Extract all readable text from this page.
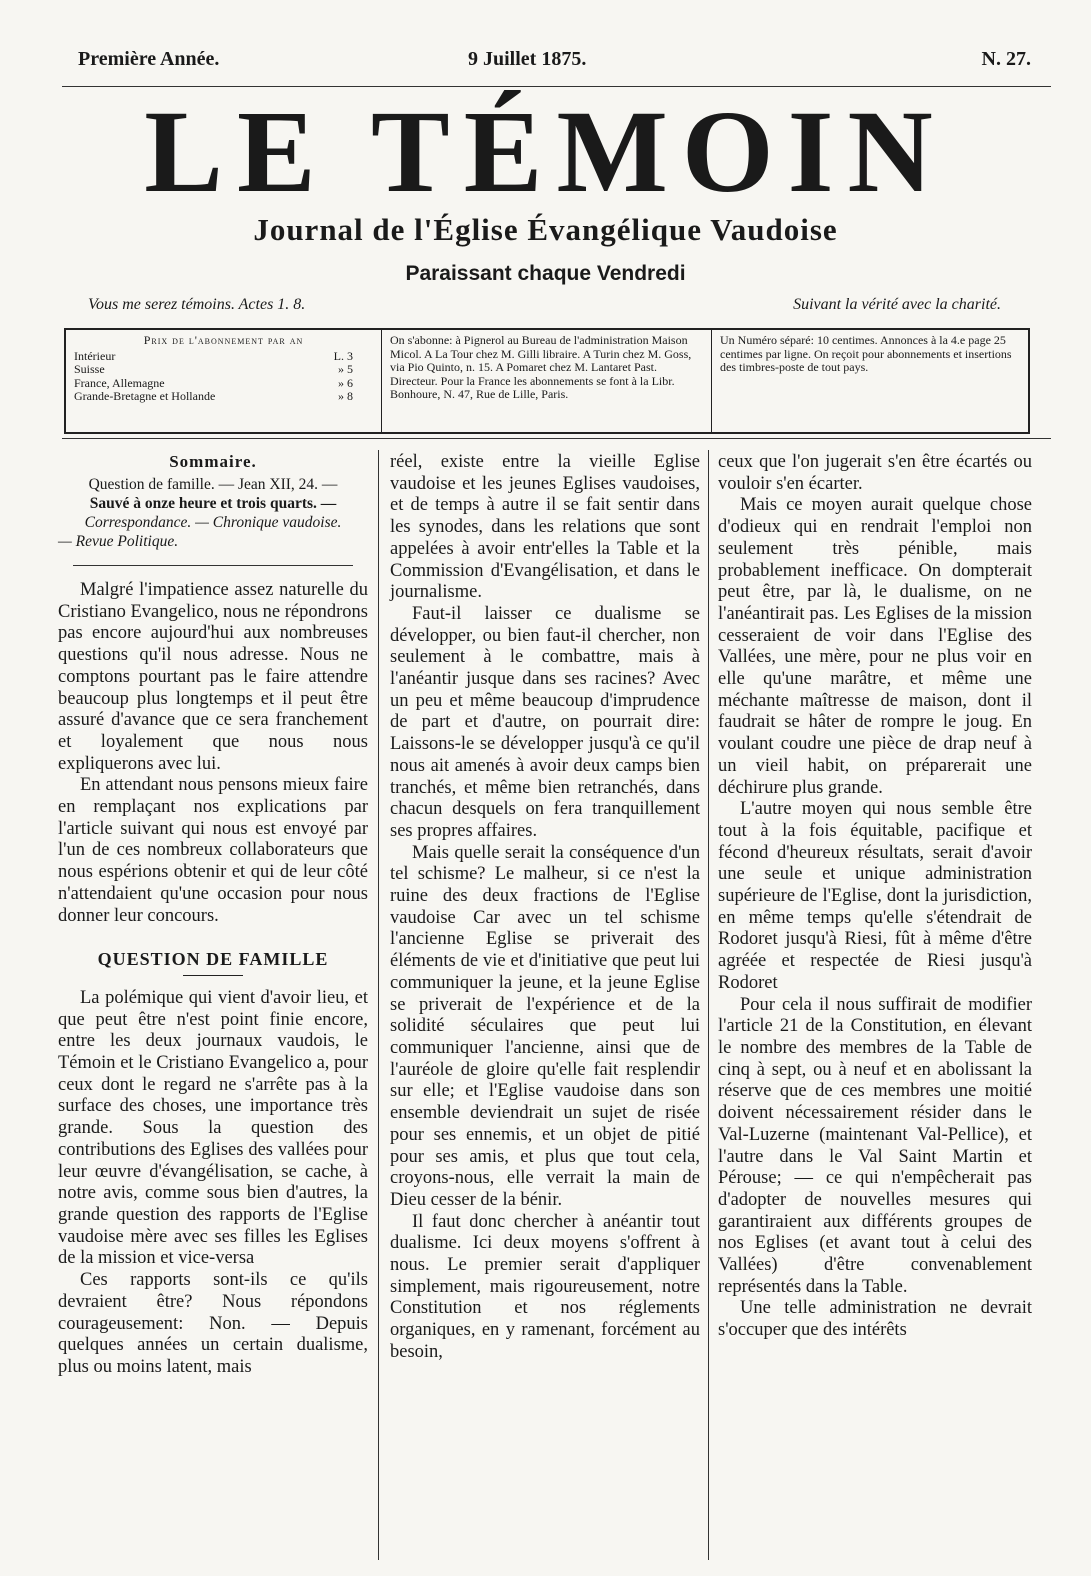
Première Année.	9 Juillet 1875.	N. 27.
LE TÉMOIN
Journal de l'Église Évangélique Vaudoise
Paraissant chaque Vendredi
Vous me serez témoins. Actes 1. 8.	Suivant la vérité avec la charité.
Prix de l'abonnement par an
Intérieur	L. 3
Suisse	» 5
France, Allemagne	» 6
Grande-Bretagne et Hollande	» 8
On s'abonne: à Pignerol au Bureau de l'administration Maison Micol. A La Tour chez M. Gilli libraire. A Turin chez M. Goss, via Pio Quinto, n. 15. A Pomaret chez M. Lantaret Past. Directeur. Pour la France les abonnements se font à la Libr. Bonhoure, N. 47, Rue de Lille, Paris.
Un Numéro séparé: 10 centimes. Annonces à la 4.e page 25 centimes par ligne. On reçoit pour abonnements et insertions des timbres-poste de tout pays.
Sommaire.
Question de famille. — Jean XII, 24. —
Sauvé à onze heure et trois quarts. —
Correspondance. — Chronique vaudoise.
— Revue Politique.

Malgré l'impatience assez naturelle du Cristiano Evangelico, nous ne répondrons pas encore aujourd'hui aux nombreuses questions qu'il nous adresse. Nous ne comptons pourtant pas le faire attendre beaucoup plus longtemps et il peut être assuré d'avance que ce sera franchement et loyalement que nous nous expliquerons avec lui.

En attendant nous pensons mieux faire en remplaçant nos explications par l'article suivant qui nous est envoyé par l'un de ces nombreux collaborateurs que nous espérions obtenir et qui de leur côté n'attendaient qu'une occasion pour nous donner leur concours.

QUESTION DE FAMILLE

La polémique qui vient d'avoir lieu, et que peut être n'est point finie encore, entre les deux journaux vaudois, le Témoin et le Cristiano Evangelico a, pour ceux dont le regard ne s'arrête pas à la surface des choses, une importance très grande. Sous la question des contributions des Eglises des vallées pour leur œuvre d'évangélisation, se cache, à notre avis, comme sous bien d'autres, la grande question des rapports de l'Eglise vaudoise mère avec ses filles les Eglises de la mission et vice-versa

Ces rapports sont-ils ce qu'ils devraient être? Nous répondons courageusement: Non. — Depuis quelques années un certain dualisme, plus ou moins latent, mais

réel, existe entre la vieille Eglise vaudoise et les jeunes Eglises vaudoises, et de temps à autre il se fait sentir dans les synodes, dans les relations que sont appelées à avoir entr'elles la Table et la Commission d'Evangélisation, et dans le journalisme.

Faut-il laisser ce dualisme se développer, ou bien faut-il chercher, non seulement à le combattre, mais à l'anéantir jusque dans ses racines? Avec un peu et même beaucoup d'imprudence de part et d'autre, on pourrait dire: Laissons-le se développer jusqu'à ce qu'il nous ait amenés à avoir deux camps bien tranchés, et même bien retranchés, dans chacun desquels on fera tranquillement ses propres affaires.

Mais quelle serait la conséquence d'un tel schisme? Le malheur, si ce n'est la ruine des deux fractions de l'Eglise vaudoise Car avec un tel schisme l'ancienne Eglise se priverait des éléments de vie et d'initiative que peut lui communiquer la jeune, et la jeune Eglise se priverait de l'expérience et de la solidité séculaires que peut lui communiquer l'ancienne, ainsi que de l'auréole de gloire qu'elle fait resplendir sur elle; et l'Eglise vaudoise dans son ensemble deviendrait un sujet de risée pour ses ennemis, et un objet de pitié pour ses amis, et plus que tout cela, croyons-nous, elle verrait la main de Dieu cesser de la bénir.

Il faut donc chercher à anéantir tout dualisme. Ici deux moyens s'offrent à nous. Le premier serait d'appliquer simplement, mais rigoureusement, notre Constitution et nos réglements organiques, en y ramenant, forcément au besoin,

ceux que l'on jugerait s'en être écartés ou vouloir s'en écarter.

Mais ce moyen aurait quelque chose d'odieux qui en rendrait l'emploi non seulement très pénible, mais probablement inefficace. On dompterait peut être, par là, le dualisme, on ne l'anéantirait pas. Les Eglises de la mission cesseraient de voir dans l'Eglise des Vallées, une mère, pour ne plus voir en elle qu'une marâtre, et même une méchante maîtresse de maison, dont il faudrait se hâter de rompre le joug. En voulant coudre une pièce de drap neuf à un vieil habit, on préparerait une déchirure plus grande.

L'autre moyen qui nous semble être tout à la fois équitable, pacifique et fécond d'heureux résultats, serait d'avoir une seule et unique administration supérieure de l'Eglise, dont la jurisdiction, en même temps qu'elle s'étendrait de Rodoret jusqu'à Riesi, fût à même d'être agréée et respectée de Riesi jusqu'à Rodoret

Pour cela il nous suffirait de modifier l'article 21 de la Constitution, en élevant le nombre des membres de la Table de cinq à sept, ou à neuf et en abolissant la réserve que de ces membres une moitié doivent nécessairement résider dans le Val-Luzerne (maintenant Val-Pellice), et l'autre dans le Val Saint Martin et Pérouse; — ce qui n'empêcherait pas d'adopter de nouvelles mesures qui garantiraient aux différents groupes de nos Eglises (et avant tout à celui des Vallées) d'être convenablement représentés dans la Table.

Une telle administration ne devrait s'occuper que des intérêts
